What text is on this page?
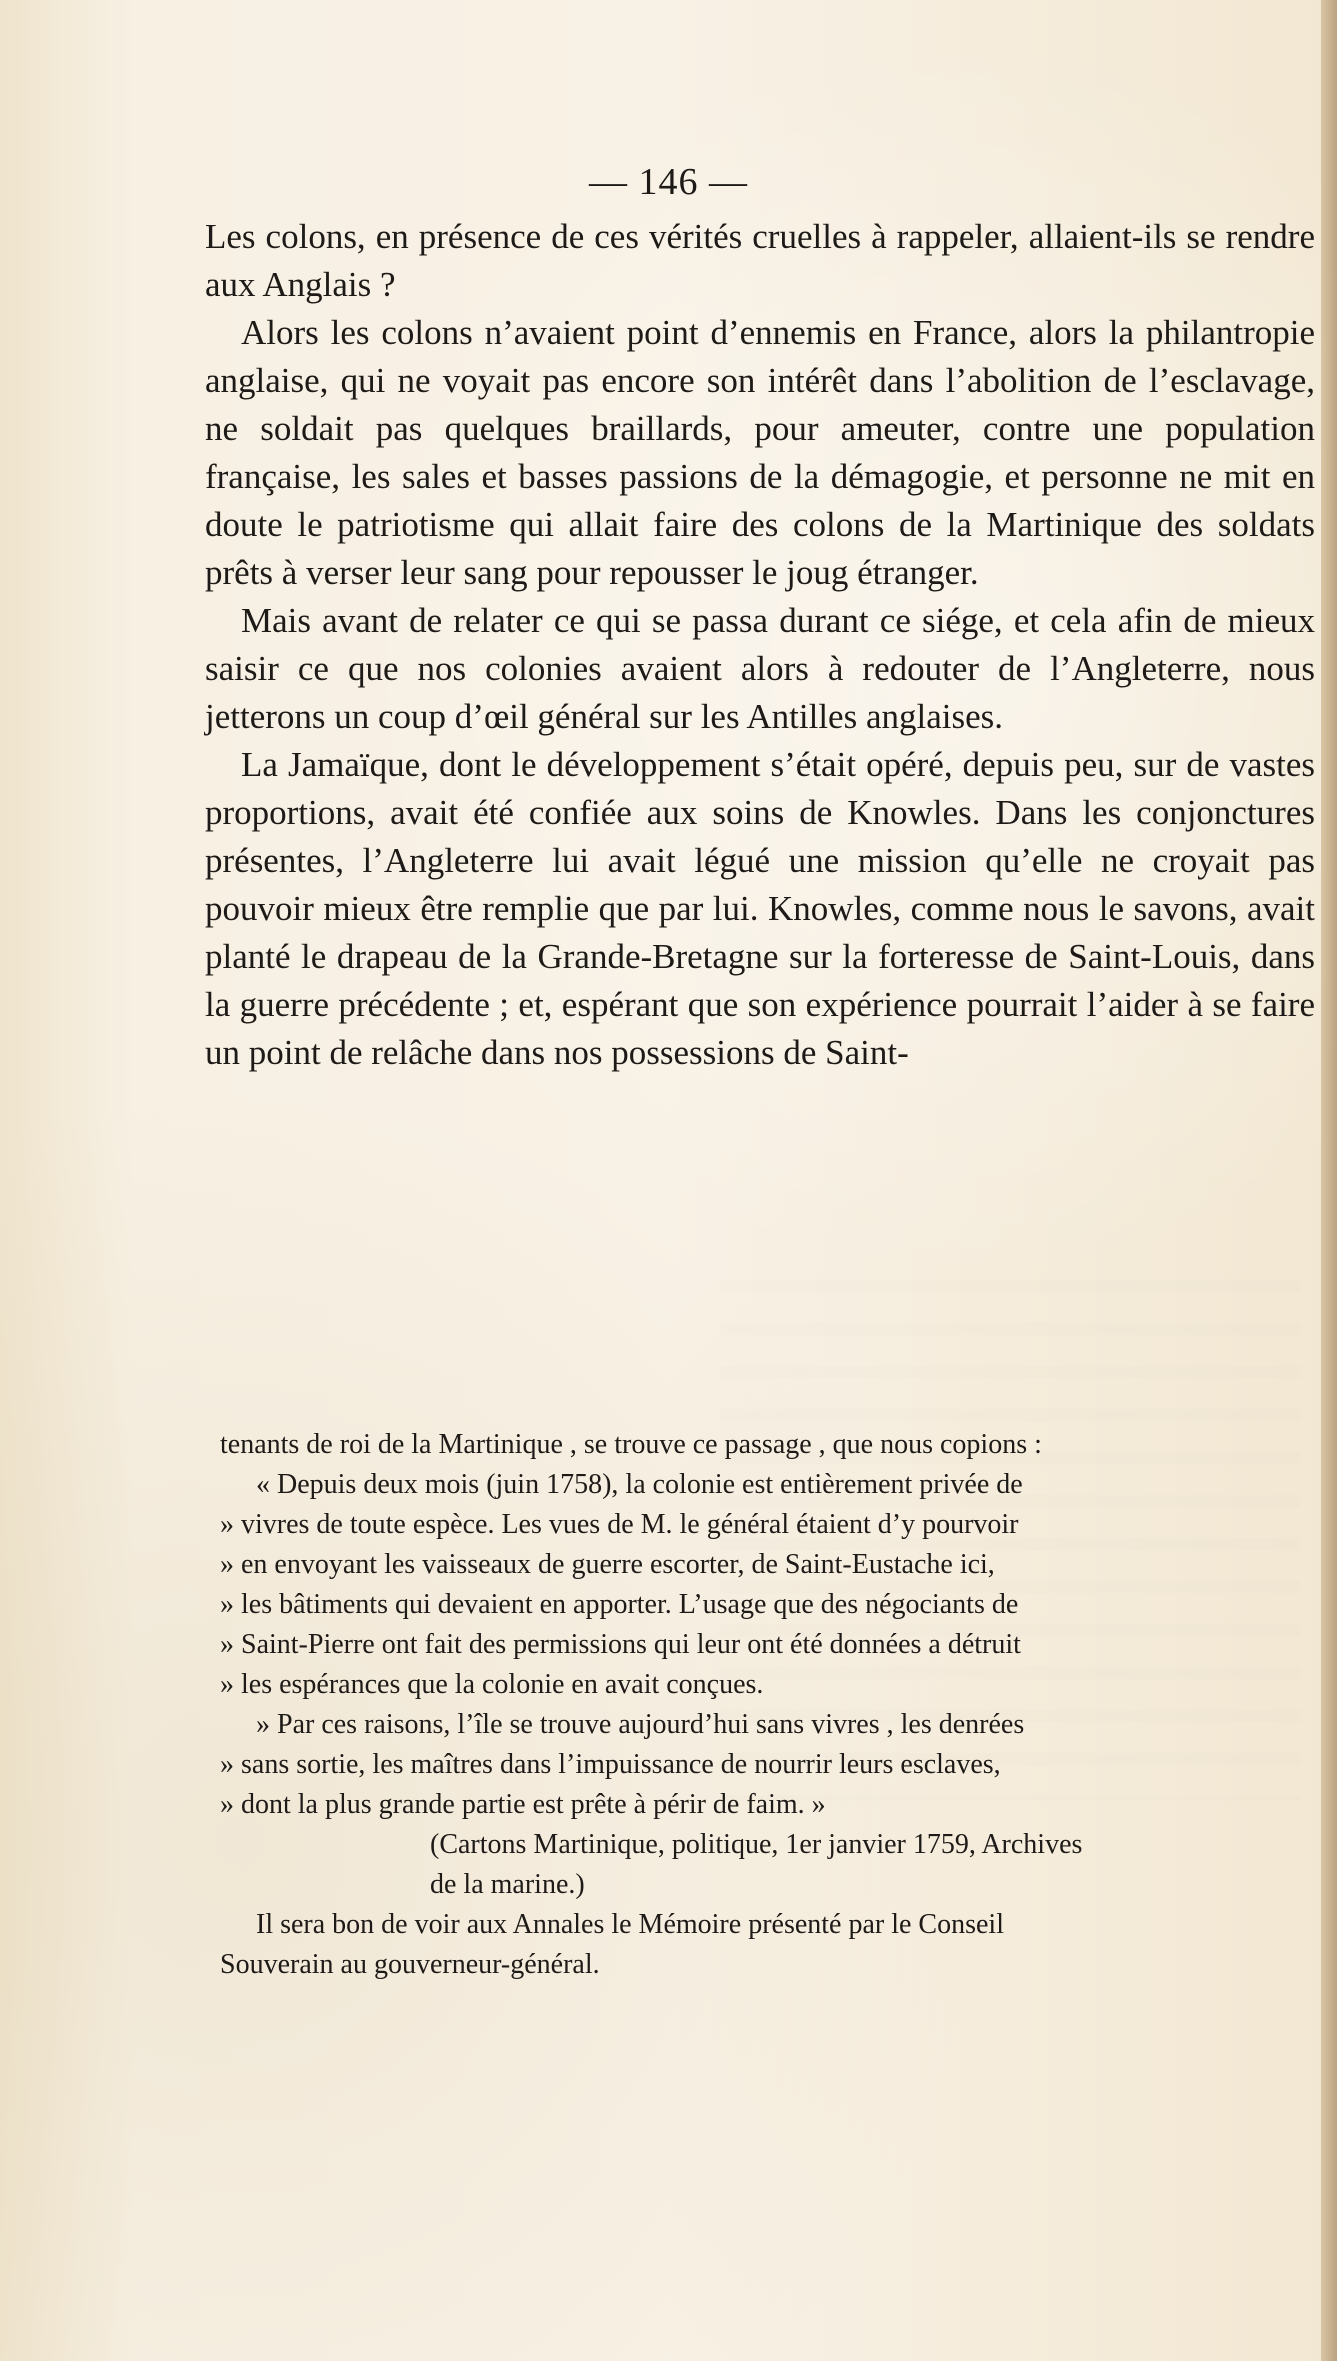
— 146 —

Les colons, en présence de ces vérités cruelles à rappeler, allaient-ils se rendre aux Anglais ?

Alors les colons n’avaient point d’ennemis en France, alors la philantropie anglaise, qui ne voyait pas encore son intérêt dans l’abolition de l’esclavage, ne soldait pas quelques braillards, pour ameuter, contre une population française, les sales et basses passions de la démagogie, et personne ne mit en doute le patriotisme qui allait faire des colons de la Martinique des soldats prêts à verser leur sang pour repousser le joug étranger.

Mais avant de relater ce qui se passa durant ce siége, et cela afin de mieux saisir ce que nos colonies avaient alors à redouter de l’Angleterre, nous jetterons un coup d’œil général sur les Antilles anglaises.

La Jamaïque, dont le développement s’était opéré, depuis peu, sur de vastes proportions, avait été confiée aux soins de Knowles. Dans les conjonctures présentes, l’Angleterre lui avait légué une mission qu’elle ne croyait pas pouvoir mieux être remplie que par lui. Knowles, comme nous le savons, avait planté le drapeau de la Grande-Bretagne sur la forteresse de Saint-Louis, dans la guerre précédente ; et, espérant que son expérience pourrait l’aider à se faire un point de relâche dans nos possessions de Saint-

tenants de roi de la Martinique , se trouve ce passage , que nous copions :
« Depuis deux mois (juin 1758), la colonie est entièrement privée de
» vivres de toute espèce. Les vues de M. le général étaient d’y pourvoir
» en envoyant les vaisseaux de guerre escorter, de Saint-Eustache ici,
» les bâtiments qui devaient en apporter. L’usage que des négociants de
» Saint-Pierre ont fait des permissions qui leur ont été données a détruit
» les espérances que la colonie en avait conçues.
» Par ces raisons, l’île se trouve aujourd’hui sans vivres , les denrées
» sans sortie, les maîtres dans l’impuissance de nourrir leurs esclaves,
» dont la plus grande partie est prête à périr de faim. »
(Cartons Martinique, politique, 1er janvier 1759, Archives
de la marine.)
Il sera bon de voir aux Annales le Mémoire présenté par le Conseil
Souverain au gouverneur-général.
